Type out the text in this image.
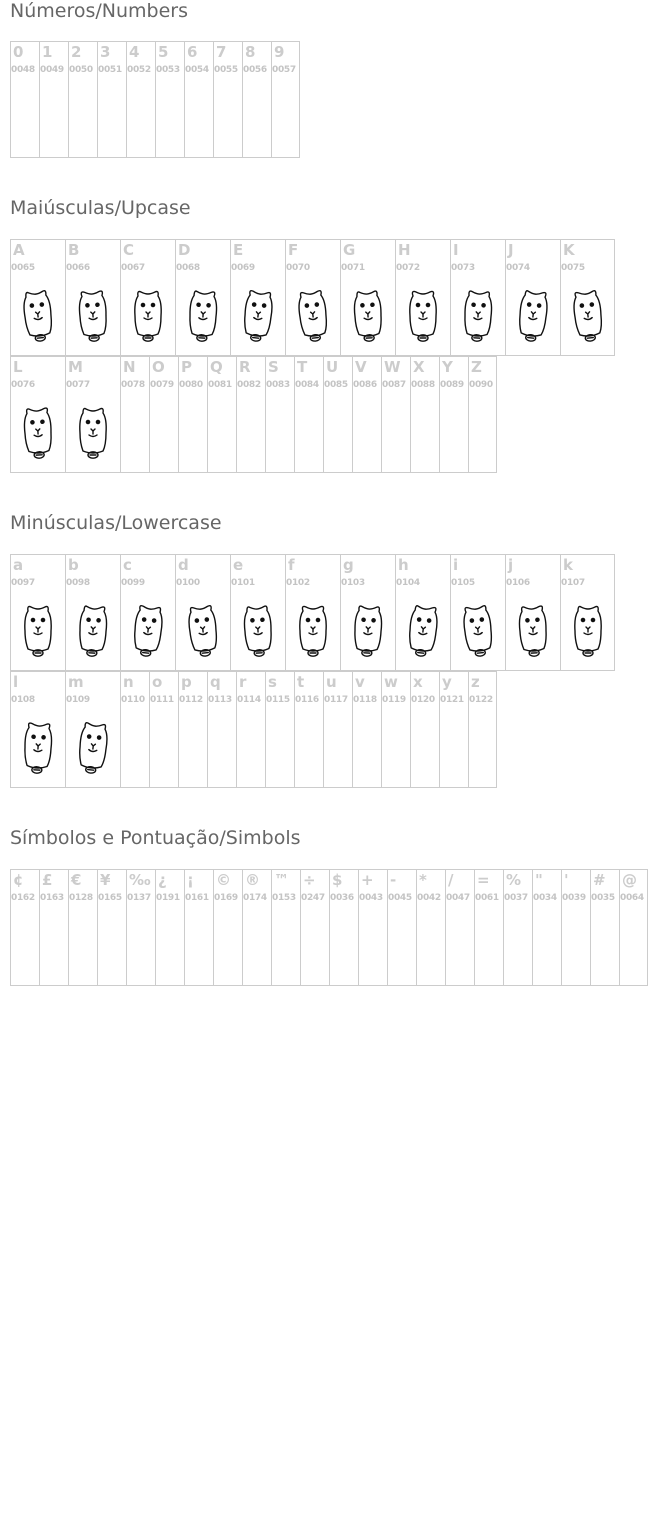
Números/Numbers
0
0048
1
0049
2
0050
3
0051
4
0052
5
0053
6
0054
7
0055
8
0056
9
0057
Maiúsculas/Upcase
A
0065
B
0066
C
0067
D
0068
E
0069
F
0070
G
0071
H
0072
I
0073
J
0074
K
0075
L
0076
M
0077
N
0078
O
0079
P
0080
Q
0081
R
0082
S
0083
T
0084
U
0085
V
0086
W
0087
X
0088
Y
0089
Z
0090
Minúsculas/Lowercase
a
0097
b
0098
c
0099
d
0100
e
0101
f
0102
g
0103
h
0104
i
0105
j
0106
k
0107
l
0108
m
0109
n
0110
o
0111
p
0112
q
0113
r
0114
s
0115
t
0116
u
0117
v
0118
w
0119
x
0120
y
0121
z
0122
Símbolos e Pontuação/Simbols
¢
0162
£
0163
€
0128
¥
0165
‰
0137
¿
0191
¡
0161
©
0169
®
0174
™
0153
÷
0247
$
0036
+
0043
-
0045
*
0042
/
0047
=
0061
%
0037
"
0034
'
0039
#
0035
@
0064
